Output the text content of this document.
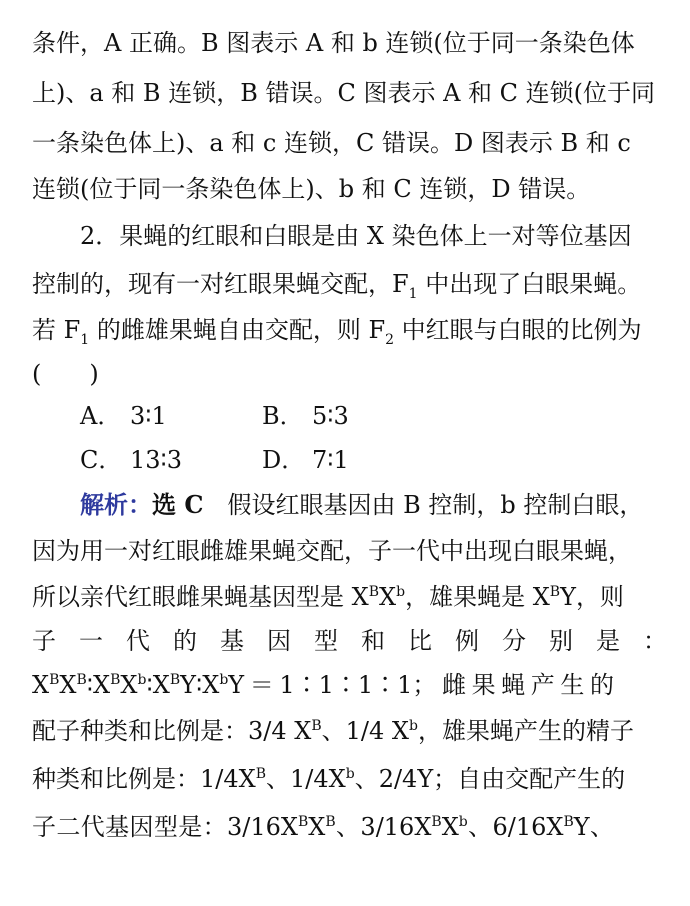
条件，A 正确。B 图表示 A 和 b 连锁(位于同一条染色体
上)、a 和 B 连锁，B 错误。C 图表示 A 和 C 连锁(位于同
一条染色体上)、a 和 c 连锁，C 错误。D 图表示 B 和 c
连锁(位于同一条染色体上)、b 和 C 连锁，D 错误。
2．果蝇的红眼和白眼是由 X 染色体上一对等位基因
控制的，现有一对红眼果蝇交配，$F_1$ 中出现了白眼果蝇。
若 $F_1$ 的雌雄果蝇自由交配，则 $F_2$ 中红眼与白眼的比例为
(　　)
A． 3∶1	B． 5∶3
C． 13∶3	D． 7∶1
解析：选 C　假设红眼基因由 B 控制，b 控制白眼，
因为用一对红眼雌雄果蝇交配，子一代中出现白眼果蝇，
所以亲代红眼雌果蝇基因型是 $X^BX^b$，雄果蝇是 $X^BY$，则
子一代的基因型和比例分别是：
$X^BX^B∶X^BX^b∶X^BY∶X^bY=1∶1∶1∶1$；雌果蝇产生的
配子种类和比例是：3/4 $X^B$、1/4 $X^b$，雄果蝇产生的精子
种类和比例是：$1/4X^B$、$1/4X^b$、2/4Y；自由交配产生的
子二代基因型是：$3/16X^BX^B$、$3/16X^BX^b$、$6/16X^BY$、
